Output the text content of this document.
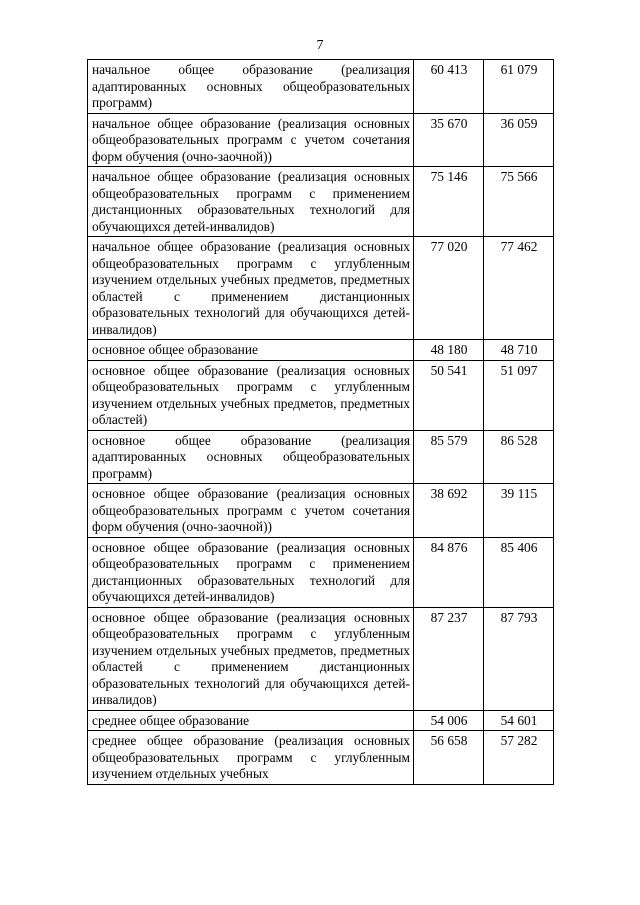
7
начальное общее образование (реализация адаптированных основных общеобразовательных программ)	60 413	61 079
начальное общее образование (реализация основных общеобразовательных программ с учетом сочетания форм обучения (очно-заочной))	35 670	36 059
начальное общее образование (реализация основных общеобразовательных программ с применением дистанционных образовательных технологий для обучающихся детей-инвалидов)	75 146	75 566
начальное общее образование (реализация основных общеобразовательных программ с углубленным изучением отдельных учебных предметов, предметных областей с применением дистанционных образовательных технологий для обучающихся детей-инвалидов)	77 020	77 462
основное общее образование	48 180	48 710
основное общее образование (реализация основных общеобразовательных программ с углубленным изучением отдельных учебных предметов, предметных областей)	50 541	51 097
основное общее образование (реализация адаптированных основных общеобразовательных программ)	85 579	86 528
основное общее образование (реализация основных общеобразовательных программ с учетом сочетания форм обучения (очно-заочной))	38 692	39 115
основное общее образование (реализация основных общеобразовательных программ с применением дистанционных образовательных технологий для обучающихся детей-инвалидов)	84 876	85 406
основное общее образование (реализация основных общеобразовательных программ с углубленным изучением отдельных учебных предметов, предметных областей с применением дистанционных образовательных технологий для обучающихся детей-инвалидов)	87 237	87 793
среднее общее образование	54 006	54 601
среднее общее образование (реализация основных общеобразовательных программ с углубленным изучением отдельных учебных	56 658	57 282
